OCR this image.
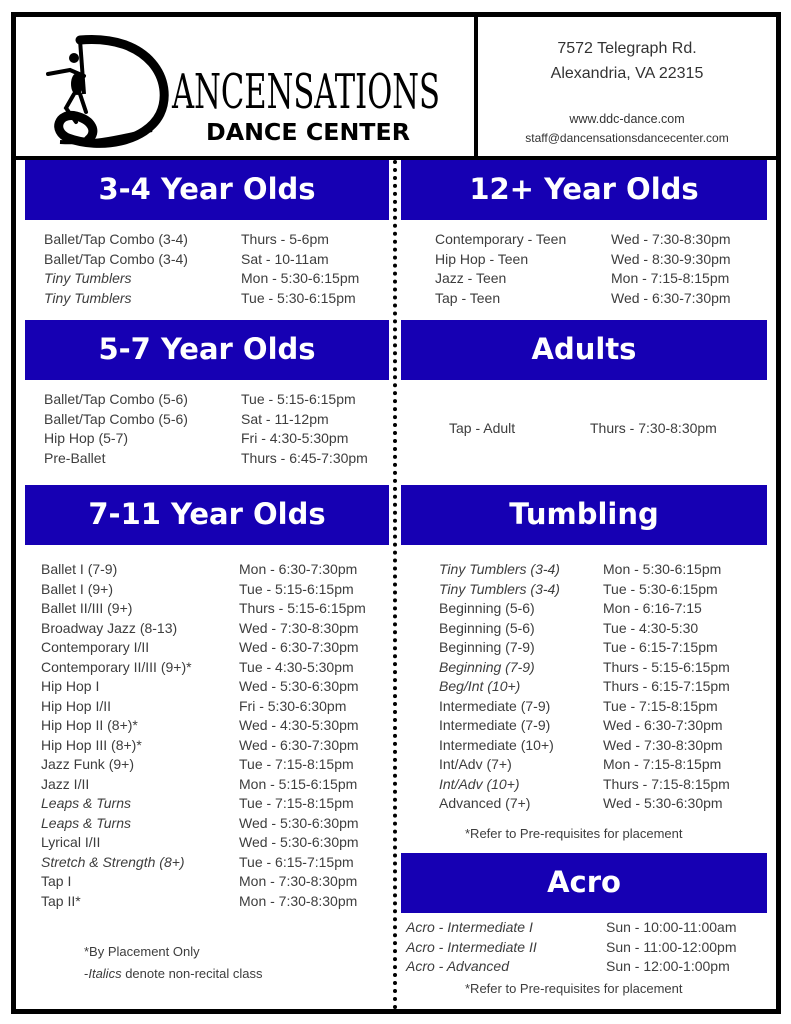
ANCENSATIONS
DANCE CENTER
7572 Telegraph Rd.
Alexandria, VA 22315
www.ddc-dance.com
staff@dancensationsdancecenter.com
3-4 Year Olds	12+ Year Olds
5-7 Year Olds	Adults
7-11 Year Olds	Tumbling
Acro
*By Placement Only
-Italics denote non-recital class
*Refer to Pre-requisites for placement
*Refer to Pre-requisites for placement
Ballet/Tap Combo (3-4)	Thurs - 5-6pm
Ballet/Tap Combo (3-4)	Sat - 10-11am
Tiny Tumblers	Mon - 5:30-6:15pm
Tiny Tumblers	Tue - 5:30-6:15pm
Contemporary - Teen	Wed - 7:30-8:30pm
Hip Hop - Teen	Wed - 8:30-9:30pm
Jazz - Teen	Mon - 7:15-8:15pm
Tap - Teen	Wed - 6:30-7:30pm
Ballet/Tap Combo (5-6)	Tue - 5:15-6:15pm
Ballet/Tap Combo (5-6)	Sat - 11-12pm
Hip Hop (5-7)	Fri - 4:30-5:30pm
Pre-Ballet	Thurs - 6:45-7:30pm
Tap - Adult	Thurs - 7:30-8:30pm
Ballet I (7-9)	Mon - 6:30-7:30pm
Ballet I (9+)	Tue - 5:15-6:15pm
Ballet II/III (9+)	Thurs - 5:15-6:15pm
Broadway Jazz (8-13)	Wed - 7:30-8:30pm
Contemporary I/II	Wed - 6:30-7:30pm
Contemporary II/III (9+)*	Tue - 4:30-5:30pm
Hip Hop I	Wed - 5:30-6:30pm
Hip Hop I/II	Fri - 5:30-6:30pm
Hip Hop II (8+)*	Wed - 4:30-5:30pm
Hip Hop III (8+)*	Wed - 6:30-7:30pm
Jazz Funk (9+)	Tue - 7:15-8:15pm
Jazz I/II	Mon - 5:15-6:15pm
Leaps & Turns	Tue - 7:15-8:15pm
Leaps & Turns	Wed - 5:30-6:30pm
Lyrical I/II	Wed - 5:30-6:30pm
Stretch & Strength (8+)	Tue - 6:15-7:15pm
Tap I	Mon - 7:30-8:30pm
Tap II*	Mon - 7:30-8:30pm
Tiny Tumblers (3-4)	Mon - 5:30-6:15pm
Tiny Tumblers (3-4)	Tue - 5:30-6:15pm
Beginning (5-6)	Mon - 6:16-7:15
Beginning (5-6)	Tue - 4:30-5:30
Beginning (7-9)	Tue - 6:15-7:15pm
Beginning (7-9)	Thurs - 5:15-6:15pm
Beg/Int (10+)	Thurs - 6:15-7:15pm
Intermediate (7-9)	Tue - 7:15-8:15pm
Intermediate (7-9)	Wed - 6:30-7:30pm
Intermediate (10+)	Wed - 7:30-8:30pm
Int/Adv (7+)	Mon - 7:15-8:15pm
Int/Adv (10+)	Thurs - 7:15-8:15pm
Advanced (7+)	Wed - 5:30-6:30pm
Acro - Intermediate I	Sun - 10:00-11:00am
Acro - Intermediate II	Sun - 11:00-12:00pm
Acro - Advanced	Sun - 12:00-1:00pm
